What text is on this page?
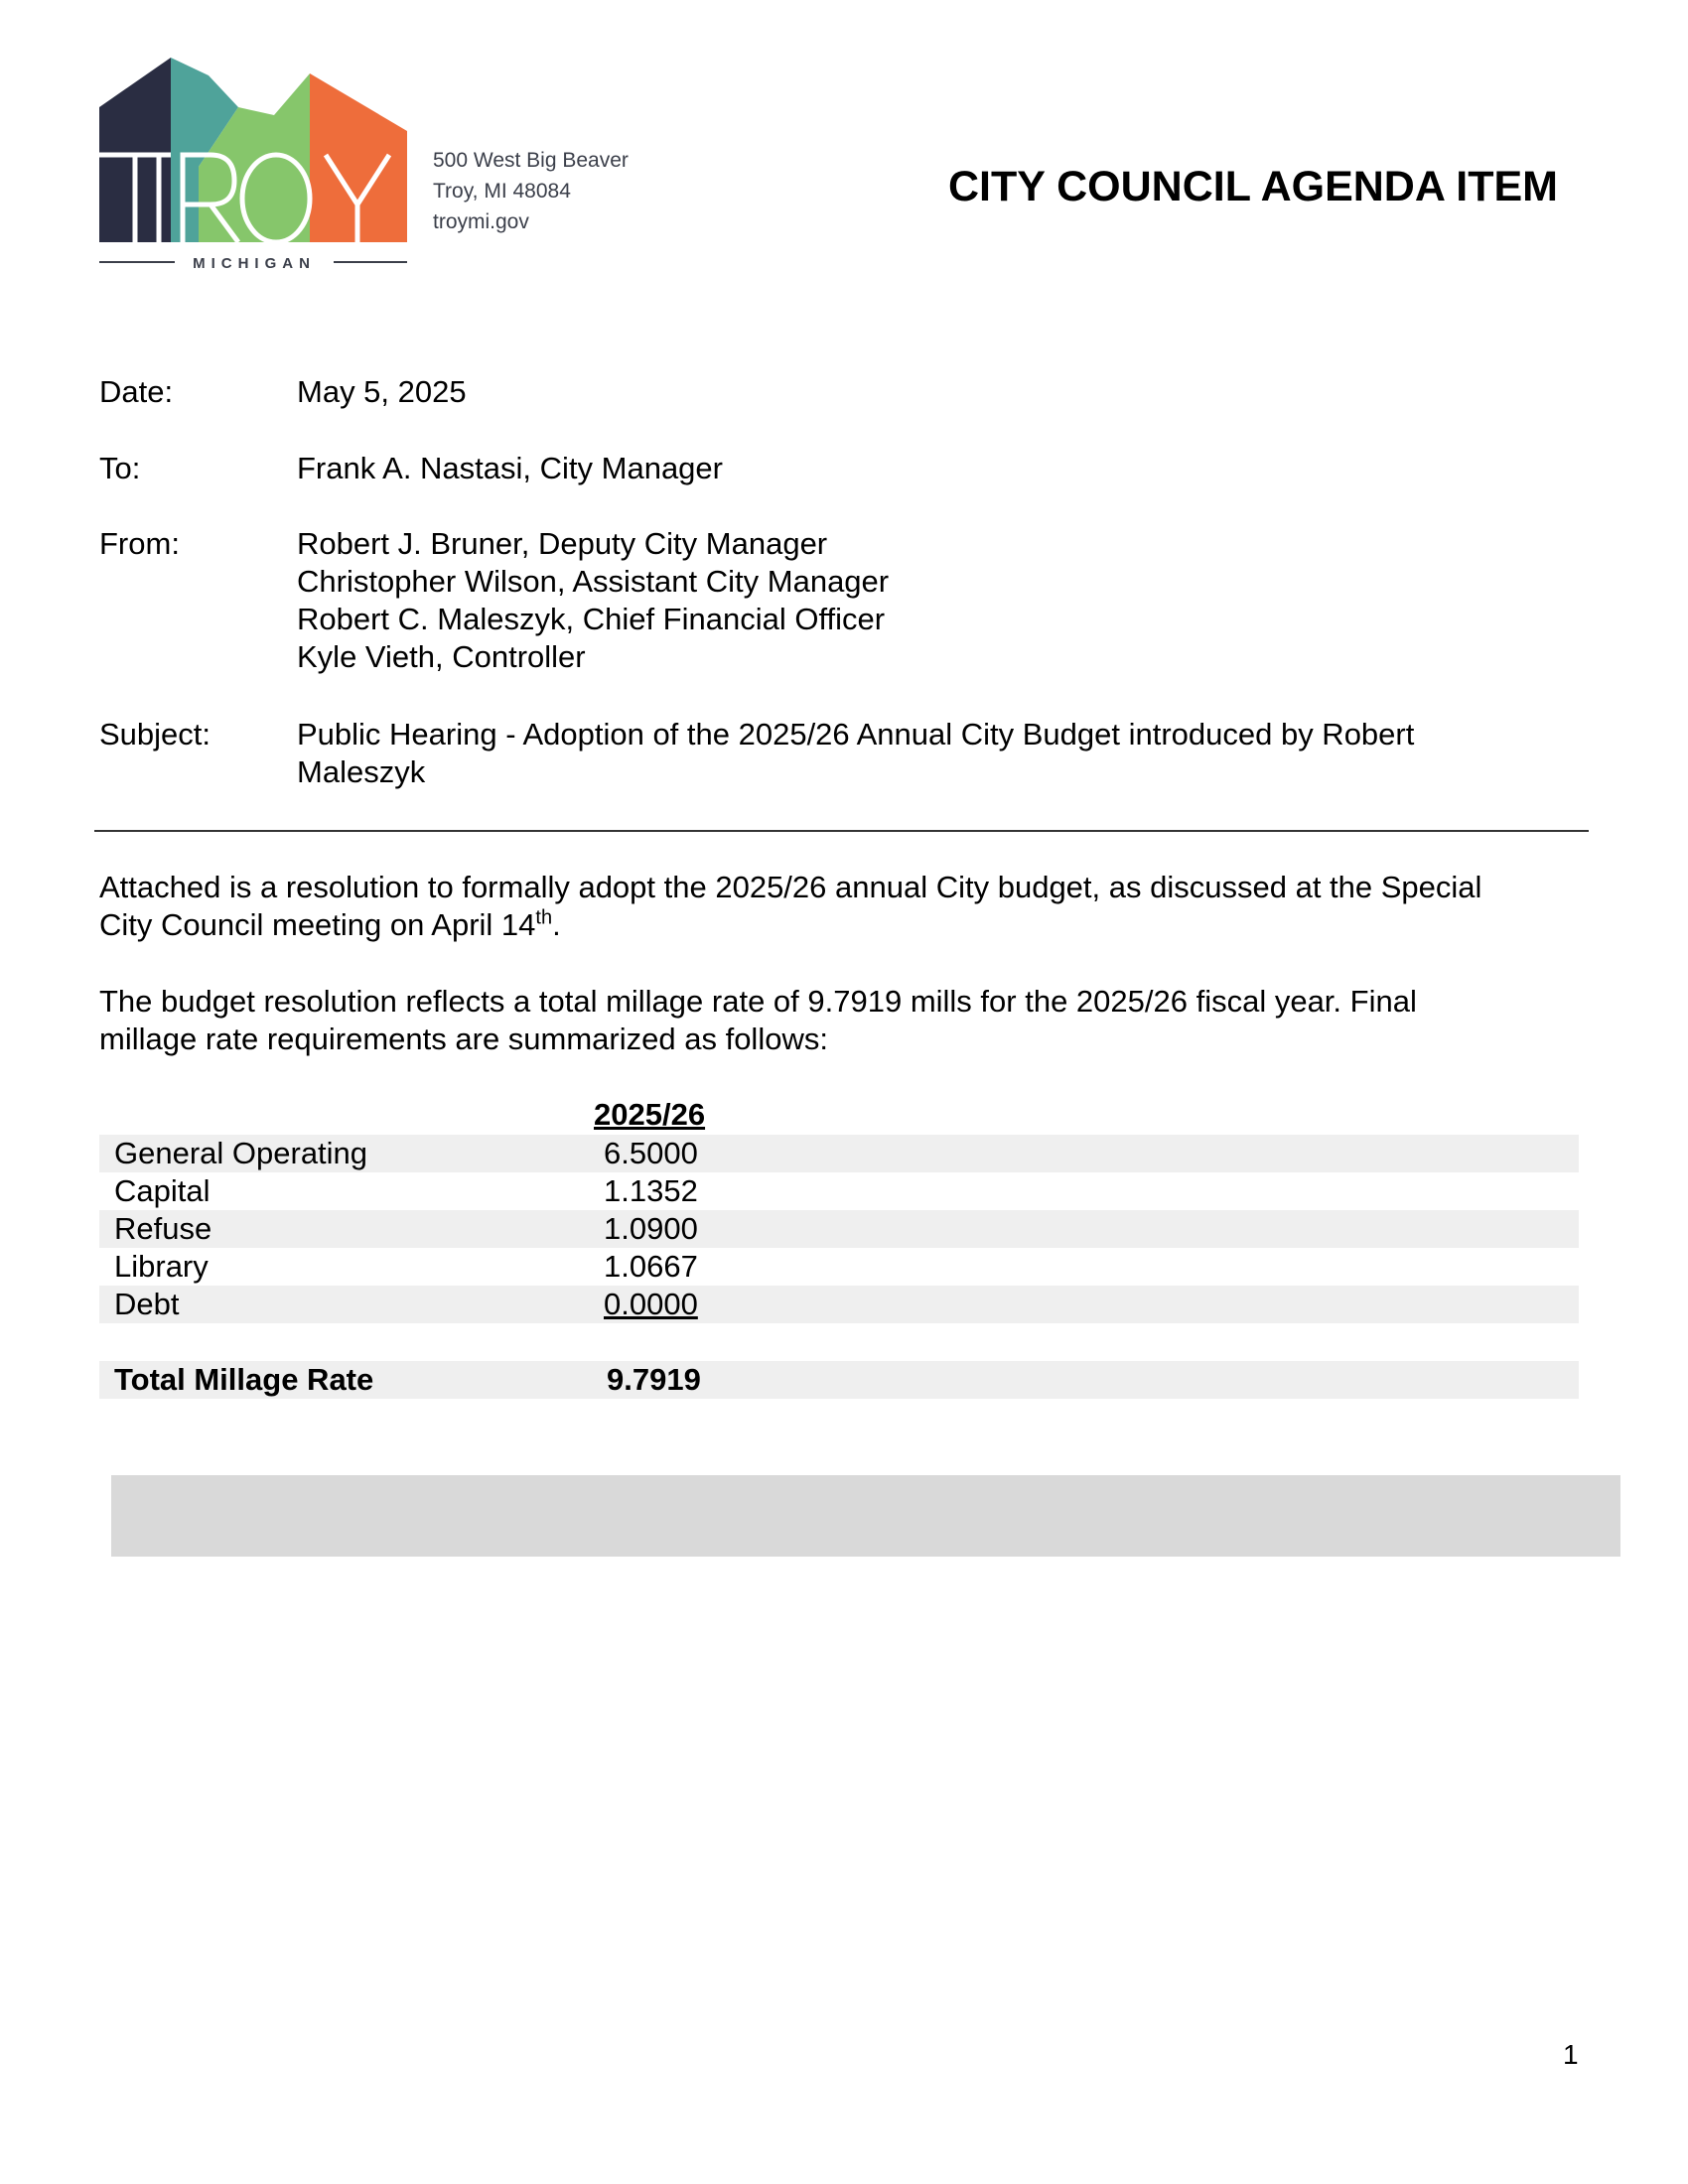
MICHIGAN
500 West Big Beaver
Troy, MI 48084
troymi.gov
CITY COUNCIL AGENDA ITEM
Date:	May 5, 2025
To:	Frank A. Nastasi, City Manager
From:	Robert J. Bruner, Deputy City Manager
Christopher Wilson, Assistant City Manager
Robert C. Maleszyk, Chief Financial Officer
Kyle Vieth, Controller
Subject:	Public Hearing - Adoption of the 2025/26 Annual City Budget introduced by Robert
Maleszyk
Attached is a resolution to formally adopt the 2025/26 annual City budget, as discussed at the Special
City Council meeting on April 14th.
The budget resolution reflects a total millage rate of 9.7919 mills for the 2025/26 fiscal year. Final
millage rate requirements are summarized as follows:
2025/26
General Operating	6.5000
Capital	1.1352
Refuse	1.0900
Library	1.0667
Debt	0.0000
Total Millage Rate	9.7919
1
